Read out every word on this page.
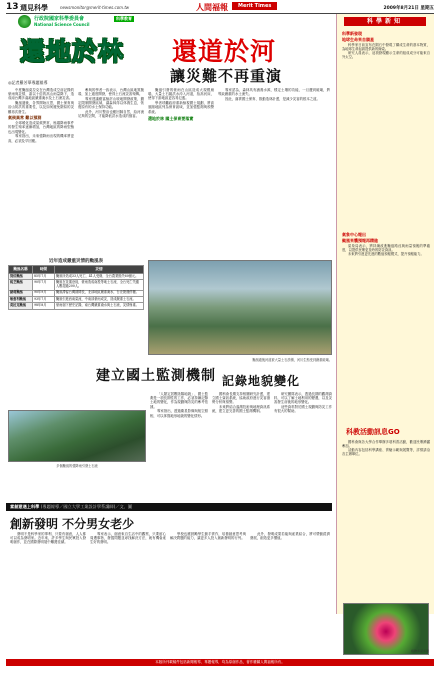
13 週見科學	newsmonitor@merit-times.com.tw	人間福報	Merit Times	2009年8月21日 星期五
行政院國家科學委員會
National Science Council
科學教育
還地於林 還道於河
讓災難不再重演
◎記者羅芳華專題報導

中度颱風莫拉克在台灣造成空前記錄的豪雨與災情，嘉以十倍的高山雨量降下，造成南台灣多處地區嚴重淹水及土石流災害。

颱風過後，各界開始反思，國土保育與治山防洪的重要性，以及如何避免類似的災難再次發生。

氣候異常 難以預測

全球暖化造成氣候異常，極端降雨事件的發生頻率逐漸增加，台灣地區的降雨型態也出現變化。

專家指出，未來強降雨出現的機率將更高，必須及早因應。

參與的學者一致表示，台灣山區地質脆弱，加上過度開發，使得土石流災害頻傳。

專家建議應當檢討山坡地開發政策，劃定限制開發區域，讓森林得以休養生息，恢復原有的水土保持功能。

此外，河川整治也應回歸自然，給河流足夠的空間，才能降低洪水造成的損害。

颱風引發的豪雨在山區造成大規模崩塌，大量土石隨洪水沖入河道，抬高河床，使得下游地區更容易氾濫。

學者呼籲政府重新檢視國土規劃，將高風險地區列為保育區域，並加強監測與預警系統。

還地於林 國土保育要落實

專家認為，森林具有涵養水源、穩定土壤的功能，一旦遭到破壞，將導致嚴重的水土流失。

因此，落實國土保育、推動造林計畫，是減少災害的根本之道。

近年造成嚴重災情的颱風表
颱風名稱	時間	災情
賀伯颱風	85年7月	颱風所造成33人死亡，41人受傷，全台農業損失60億元。
桃芝颱風	90年7月	颱風在花蓮登陸，豪雨造成南投等地土石流，全台死亡失蹤人數超過200人。
納莉颱風	90年9月	颱風滯留台灣期間長，北部地區嚴重淹水，台北捷運停擺。
敏督利颱風	93年7月	颱風引進西南氣流，中南部豪雨成災，造成嚴重土石流。
莫拉克颱風	98年8月	豪雨創下歷史記錄，南台灣嚴重淹水與土石流，災情慘重。
多個颱風的強降雨引發土石流
颱風過後河道被大量土石淤積，河川生態受到嚴重破壞。
建立國土監測機制 記錄地貌變化

「人類定居數陰陽地貌」，國土監測是一項長期性的工作，必須持續記錄土地的變化，作為規劃與防災的參考依據。

專家指出，透過衛星影像與航空照相，可以掌握地形地貌的變化情形。

國科會長期支持相關研究計畫，建立國土資訊系統，協助政府進行災害潛勢分析與預警。

未來將結合遙測技術與地理資訊系統，建立更完善的國土監測機制。

研究團隊表示，透過長期的觀測資料，可以了解土地利用的變遷，以及災害發生前後的地形變化。

這些資料對於國土規劃與防災工作有很大的幫助。

科學新知
科學新發現
地球生命來自隕星

科學家日前宣布在隕石中發現了構成生命的基本物質，為地球生命起源提供新的線索。

研究人員表示，這項發現顯示生命的組成成分可能來自外太空。

氣象中心報出
颱風來襲預報再精進

氣象局表示，將持續改進颱風路徑與雨量預報的準確度，以提供民眾更及時的防災資訊。

未來將引進更先進的數值預報模式，提升預報能力。

科教活動訊息GO

國科會與各大學合作舉辦多項科普活動，歡迎民眾踴躍參加。

活動內容包括科學講座、實驗示範與展覽等，詳情請洽各主辦單位。

植物多采多姿
當創意遇上科學 (專題報導／國立大學工業設計學系講師)／文、圖
創新發明 不分男女老少

發明不是科學家的專利，只要有創意，人人都可以成為發明家。近年來，許多學生與民眾投入發明創作，並在國際發明展中屢獲佳績。

專家表示，創意來自生活中的觀察，只要留心周遭事物，發掘問題並尋找解決方法，就有機會產生好的發明。

學校也應鼓勵學生動手實作，培養創意思考與解決問題的能力，讓更多人投入創新發明的行列。

此外，發明成果若能與產業結合，將可帶動經濟發展，創造更多價值。

本版所刊載稿件包括新聞報導、專題報導，均為原創作品，著作權屬人間福報所有。
